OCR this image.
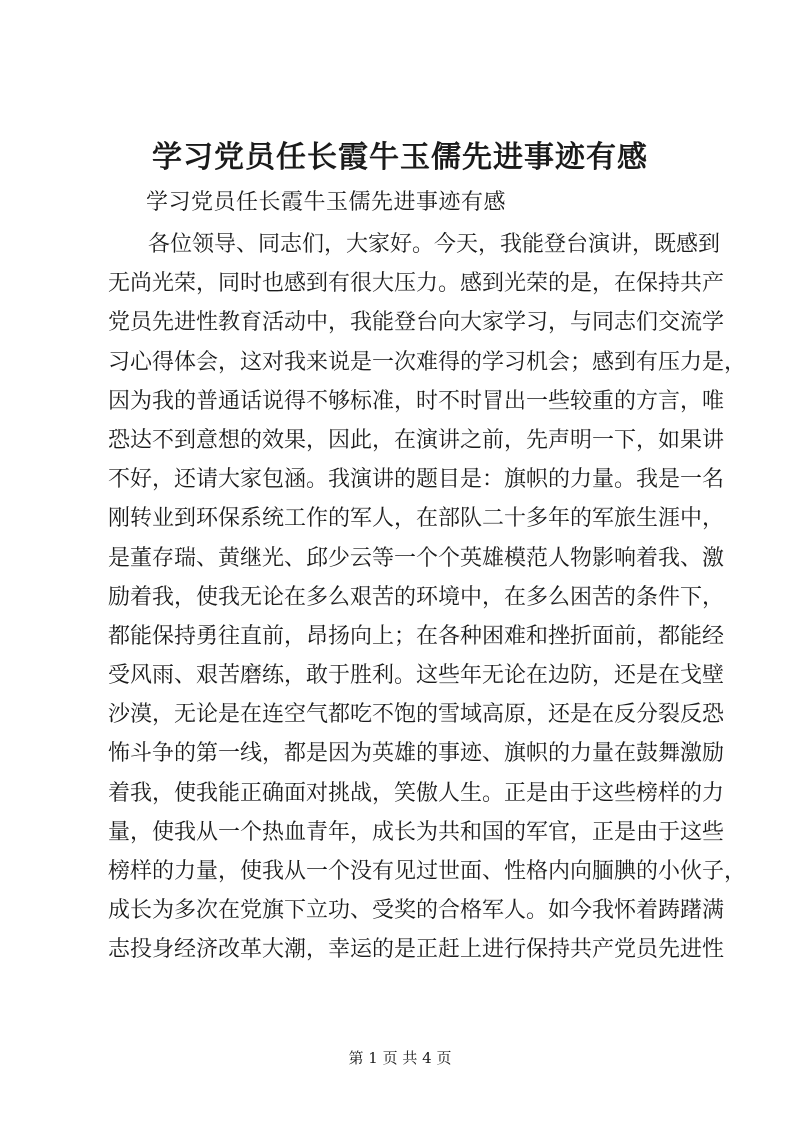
学习党员任长霞牛玉儒先进事迹有感

学习党员任长霞牛玉儒先进事迹有感

各位领导、同志们，大家好。今天，我能登台演讲，既感到
无尚光荣，同时也感到有很大压力。感到光荣的是，在保持共产
党员先进性教育活动中，我能登台向大家学习，与同志们交流学
习心得体会，这对我来说是一次难得的学习机会；感到有压力是，
因为我的普通话说得不够标准，时不时冒出一些较重的方言，唯
恐达不到意想的效果，因此，在演讲之前，先声明一下，如果讲
不好，还请大家包涵。我演讲的题目是：旗帜的力量。我是一名
刚转业到环保系统工作的军人，在部队二十多年的军旅生涯中，
是董存瑞、黄继光、邱少云等一个个英雄模范人物影响着我、激
励着我，使我无论在多么艰苦的环境中，在多么困苦的条件下，
都能保持勇往直前，昂扬向上；在各种困难和挫折面前，都能经
受风雨、艰苦磨练，敢于胜利。这些年无论在边防，还是在戈壁
沙漠，无论是在连空气都吃不饱的雪域高原，还是在反分裂反恐
怖斗争的第一线，都是因为英雄的事迹、旗帜的力量在鼓舞激励
着我，使我能正确面对挑战，笑傲人生。正是由于这些榜样的力
量，使我从一个热血青年，成长为共和国的军官，正是由于这些
榜样的力量，使我从一个没有见过世面、性格内向腼腆的小伙子，
成长为多次在党旗下立功、受奖的合格军人。如今我怀着踌躇满
志投身经济改革大潮，幸运的是正赶上进行保持共产党员先进性

第 1 页 共 4 页
